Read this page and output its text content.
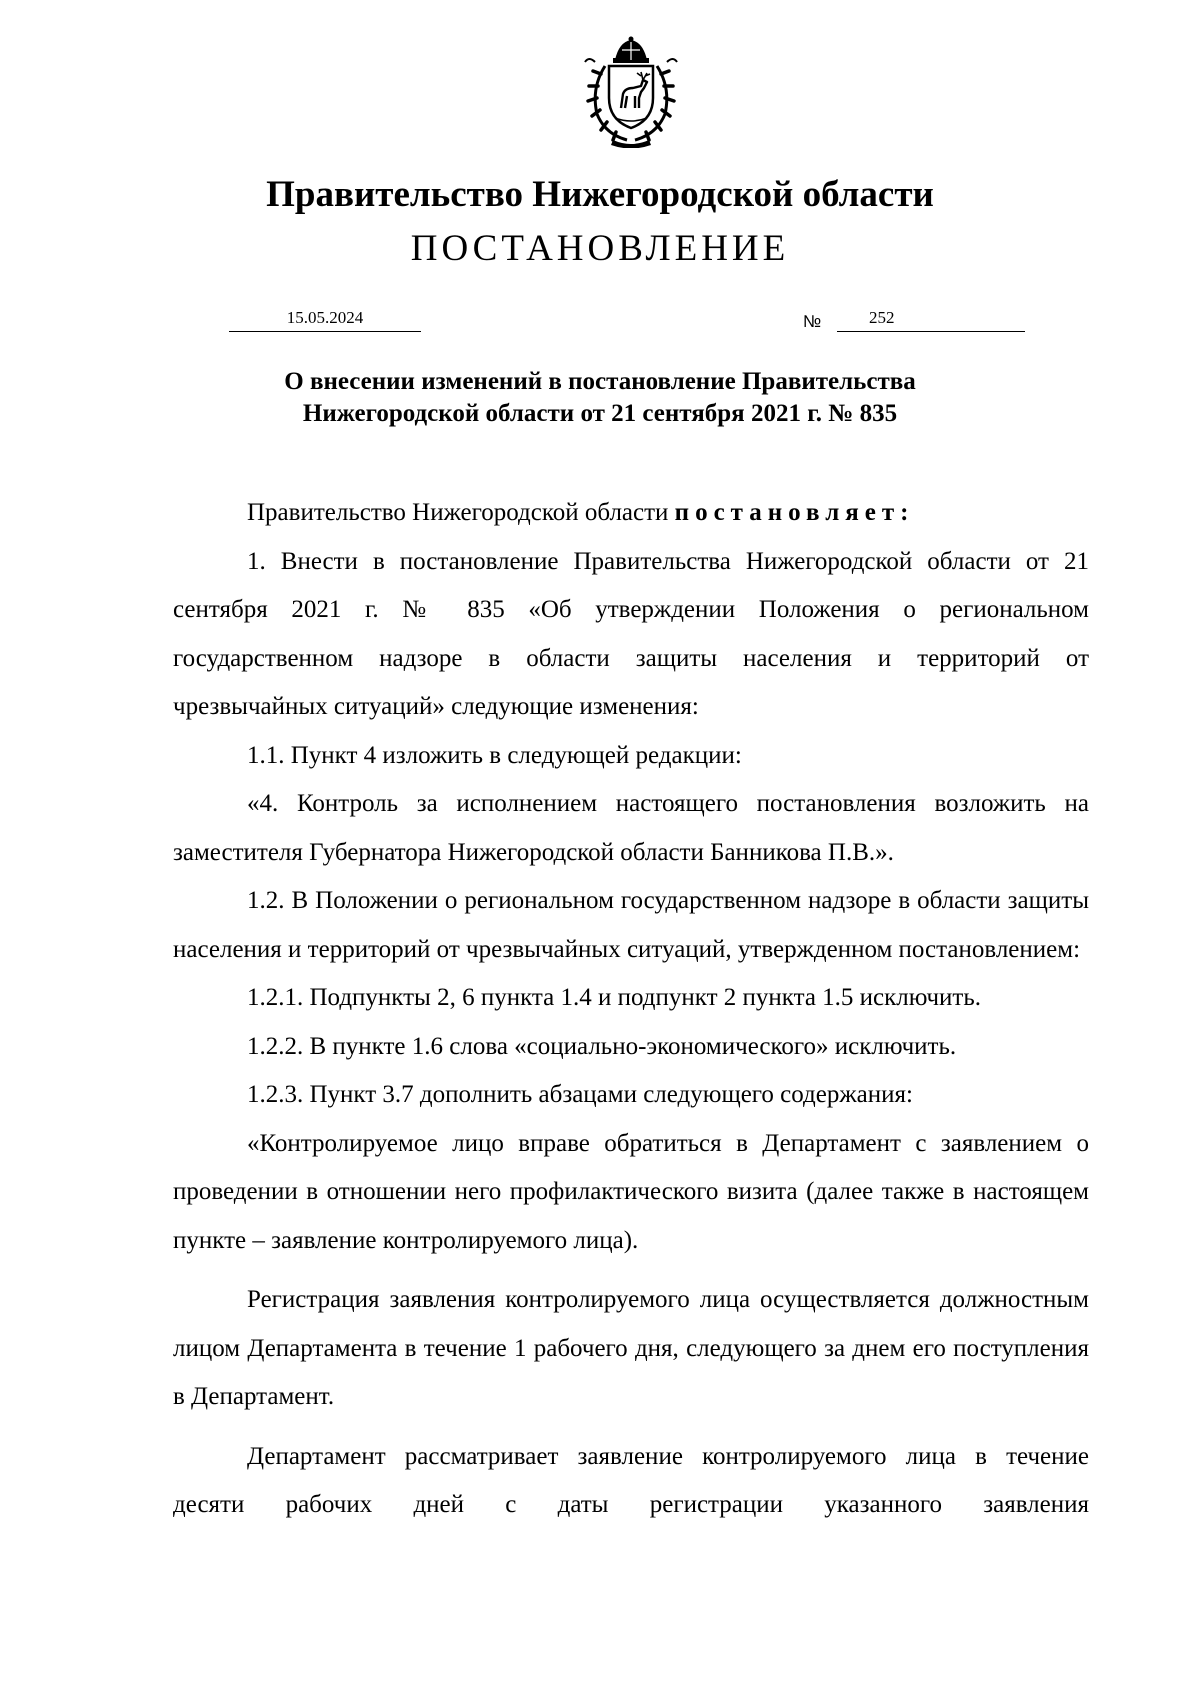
Правительство Нижегородской области
ПОСТАНОВЛЕНИЕ
15.05.2024	№	252
О внесении изменений в постановление Правительства
Нижегородской области от 21 сентября 2021 г. № 835

Правительство Нижегородской области постановляет:

1. Внести в постановление Правительства Нижегородской области от 21 сентября 2021 г. № 835 «Об утверждении Положения о региональном государственном надзоре в области защиты населения и территорий от чрезвычайных ситуаций» следующие изменения:

1.1. Пункт 4 изложить в следующей редакции:

«4. Контроль за исполнением настоящего постановления возложить на заместителя Губернатора Нижегородской области Банникова П.В.».

1.2. В Положении о региональном государственном надзоре в области защиты населения и территорий от чрезвычайных ситуаций, утвержденном постановлением:

1.2.1. Подпункты 2, 6 пункта 1.4 и подпункт 2 пункта 1.5 исключить.

1.2.2. В пункте 1.6 слова «социально-экономического» исключить.

1.2.3. Пункт 3.7 дополнить абзацами следующего содержания:

«Контролируемое лицо вправе обратиться в Департамент с заявлением о проведении в отношении него профилактического визита (далее также в настоящем пункте – заявление контролируемого лица).

Регистрация заявления контролируемого лица осуществляется должностным лицом Департамента в течение 1 рабочего дня, следующего за днем его поступления в Департамент.

Департамент рассматривает заявление контролируемого лица в течение десяти рабочих дней с даты регистрации указанного заявления
